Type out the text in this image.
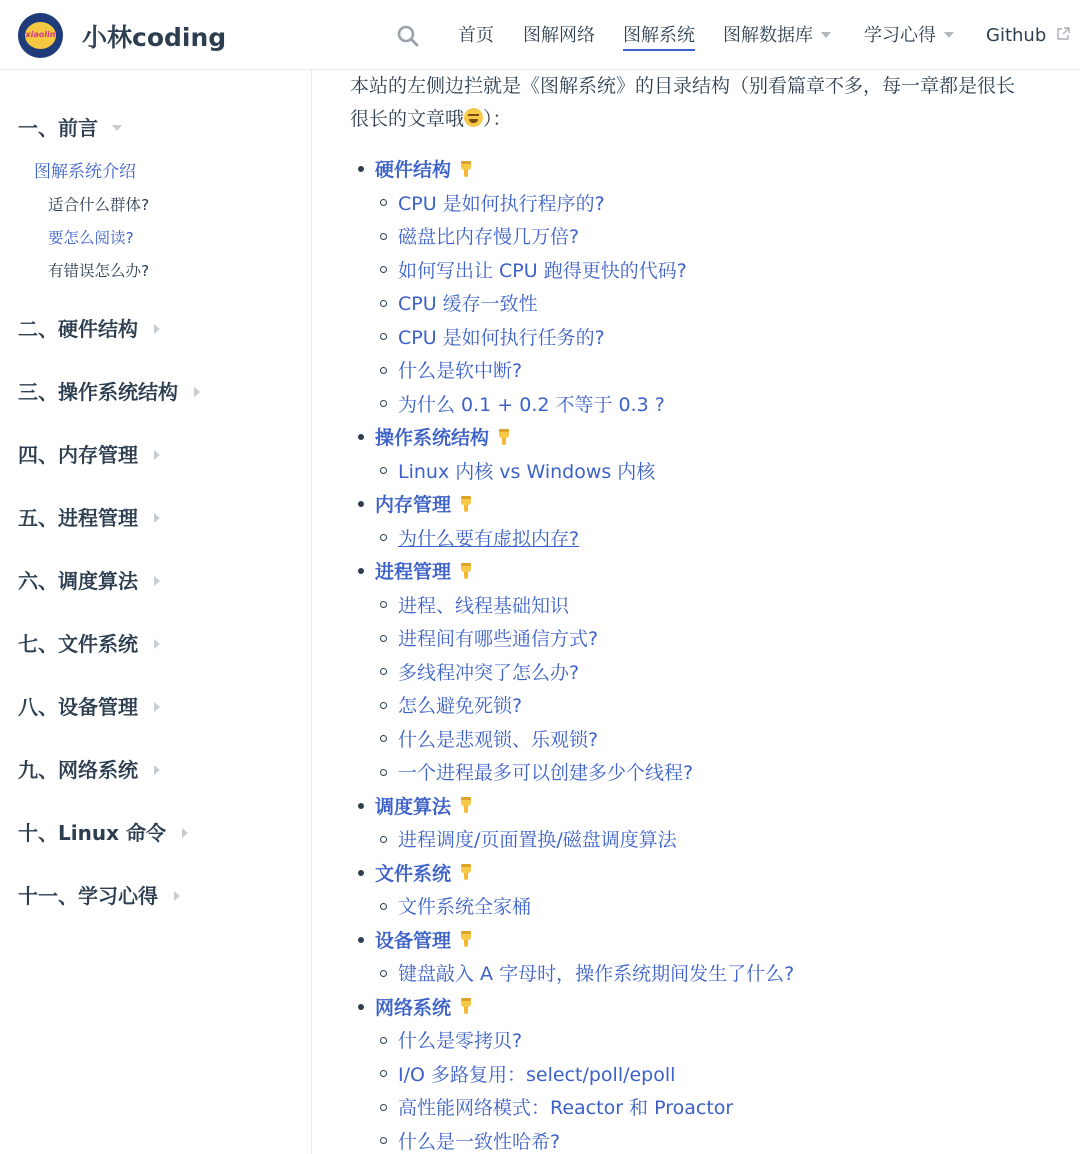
xiaolin 小林coding	首页 图解网络 图解系统 图解数据库	学习心得	Github
一、前言
图解系统介绍
适合什么群体?
要怎么阅读?
有错误怎么办?
二、硬件结构
三、操作系统结构
四、内存管理
五、进程管理
六、调度算法
七、文件系统
八、设备管理
九、网络系统
十、Linux 命令
十一、学习心得
本站的左侧边拦就是《图解系统》的目录结构（别看篇章不多，每一章都是很长
很长的文章哦 ）：
硬件结构
CPU 是如何执行程序的?
磁盘比内存慢几万倍?
如何写出让 CPU 跑得更快的代码?
CPU 缓存一致性
CPU 是如何执行任务的?
什么是软中断?
为什么 0.1 + 0.2 不等于 0.3 ?
操作系统结构
Linux 内核 vs Windows 内核
内存管理
为什么要有虚拟内存?
进程管理
进程、线程基础知识
进程间有哪些通信方式?
多线程冲突了怎么办?
怎么避免死锁?
什么是悲观锁、乐观锁?
一个进程最多可以创建多少个线程?
调度算法
进程调度/页面置换/磁盘调度算法
文件系统
文件系统全家桶
设备管理
键盘敲入 A 字母时，操作系统期间发生了什么?
网络系统
什么是零拷贝?
I/O 多路复用：select/poll/epoll
高性能网络模式：Reactor 和 Proactor
什么是一致性哈希?
